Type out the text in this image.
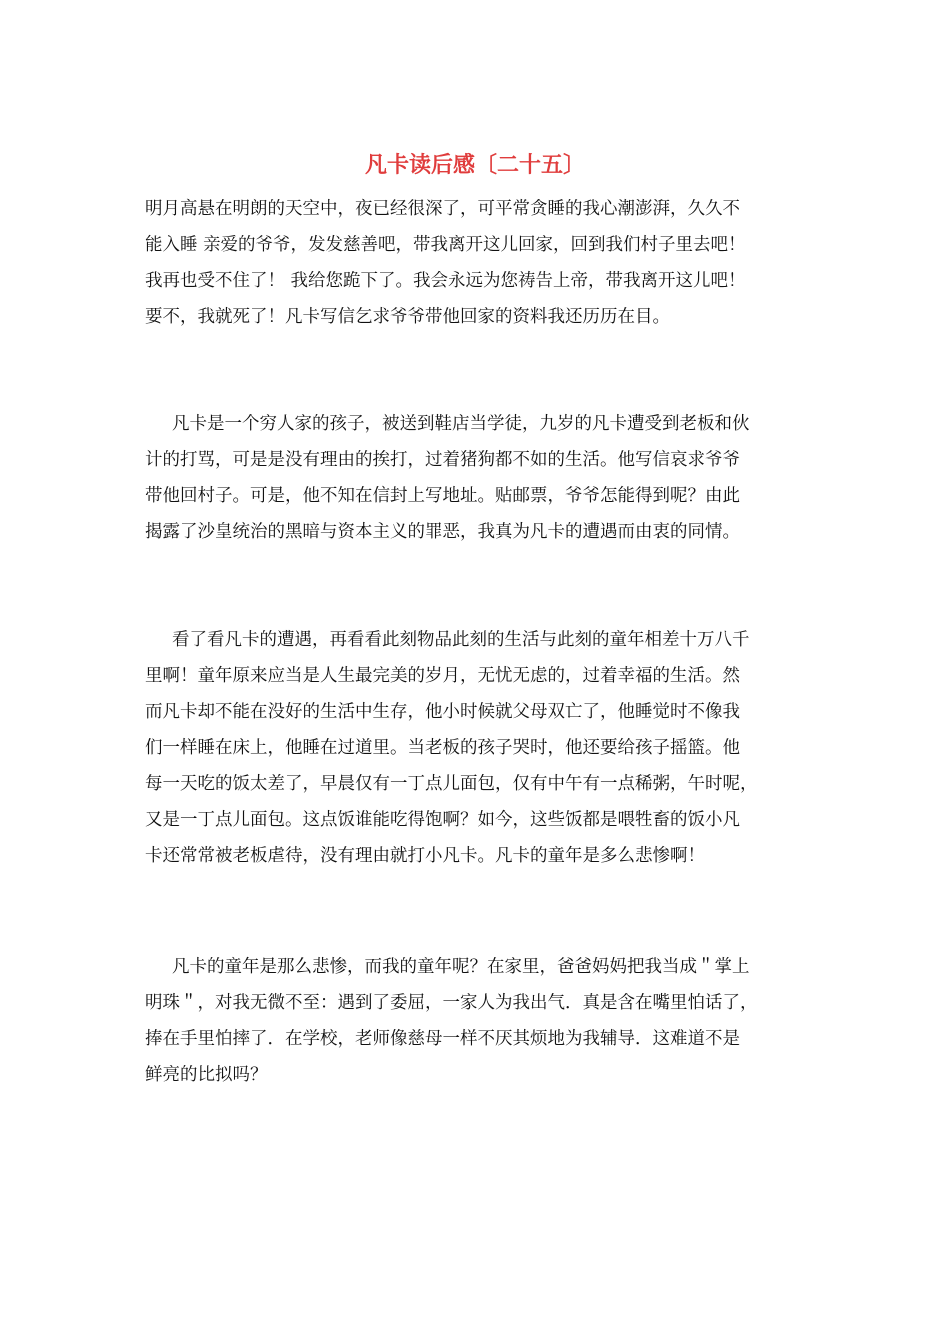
凡卡读后感〔二十五〕
明月高悬在明朗的天空中，夜已经很深了，可平常贪睡的我心潮澎湃，久久不
能入睡 亲爱的爷爷，发发慈善吧，带我离开这儿回家，回到我们村子里去吧！
我再也受不住了！ 我给您跪下了。我会永远为您祷告上帝，带我离开这儿吧！
要不，我就死了！凡卡写信乞求爷爷带他回家的资料我还历历在目。
凡卡是一个穷人家的孩子，被送到鞋店当学徒，九岁的凡卡遭受到老板和伙
计的打骂，可是是没有理由的挨打，过着猪狗都不如的生活。他写信哀求爷爷
带他回村子。可是，他不知在信封上写地址。贴邮票，爷爷怎能得到呢？由此
揭露了沙皇统治的黑暗与资本主义的罪恶，我真为凡卡的遭遇而由衷的同情。
看了看凡卡的遭遇，再看看此刻物品此刻的生活与此刻的童年相差十万八千
里啊！童年原来应当是人生最完美的岁月，无忧无虑的，过着幸福的生活。然
而凡卡却不能在没好的生活中生存，他小时候就父母双亡了，他睡觉时不像我
们一样睡在床上，他睡在过道里。当老板的孩子哭时，他还要给孩子摇篮。他
每一天吃的饭太差了，早晨仅有一丁点儿面包，仅有中午有一点稀粥，午时呢，
又是一丁点儿面包。这点饭谁能吃得饱啊？如今，这些饭都是喂牲畜的饭小凡
卡还常常被老板虐待，没有理由就打小凡卡。凡卡的童年是多么悲惨啊！
凡卡的童年是那么悲惨，而我的童年呢？在家里，爸爸妈妈把我当成＂掌上
明珠＂，对我无微不至：遇到了委屈，一家人为我出气．真是含在嘴里怕话了，
捧在手里怕摔了．在学校，老师像慈母一样不厌其烦地为我辅导．这难道不是
鲜亮的比拟吗？
